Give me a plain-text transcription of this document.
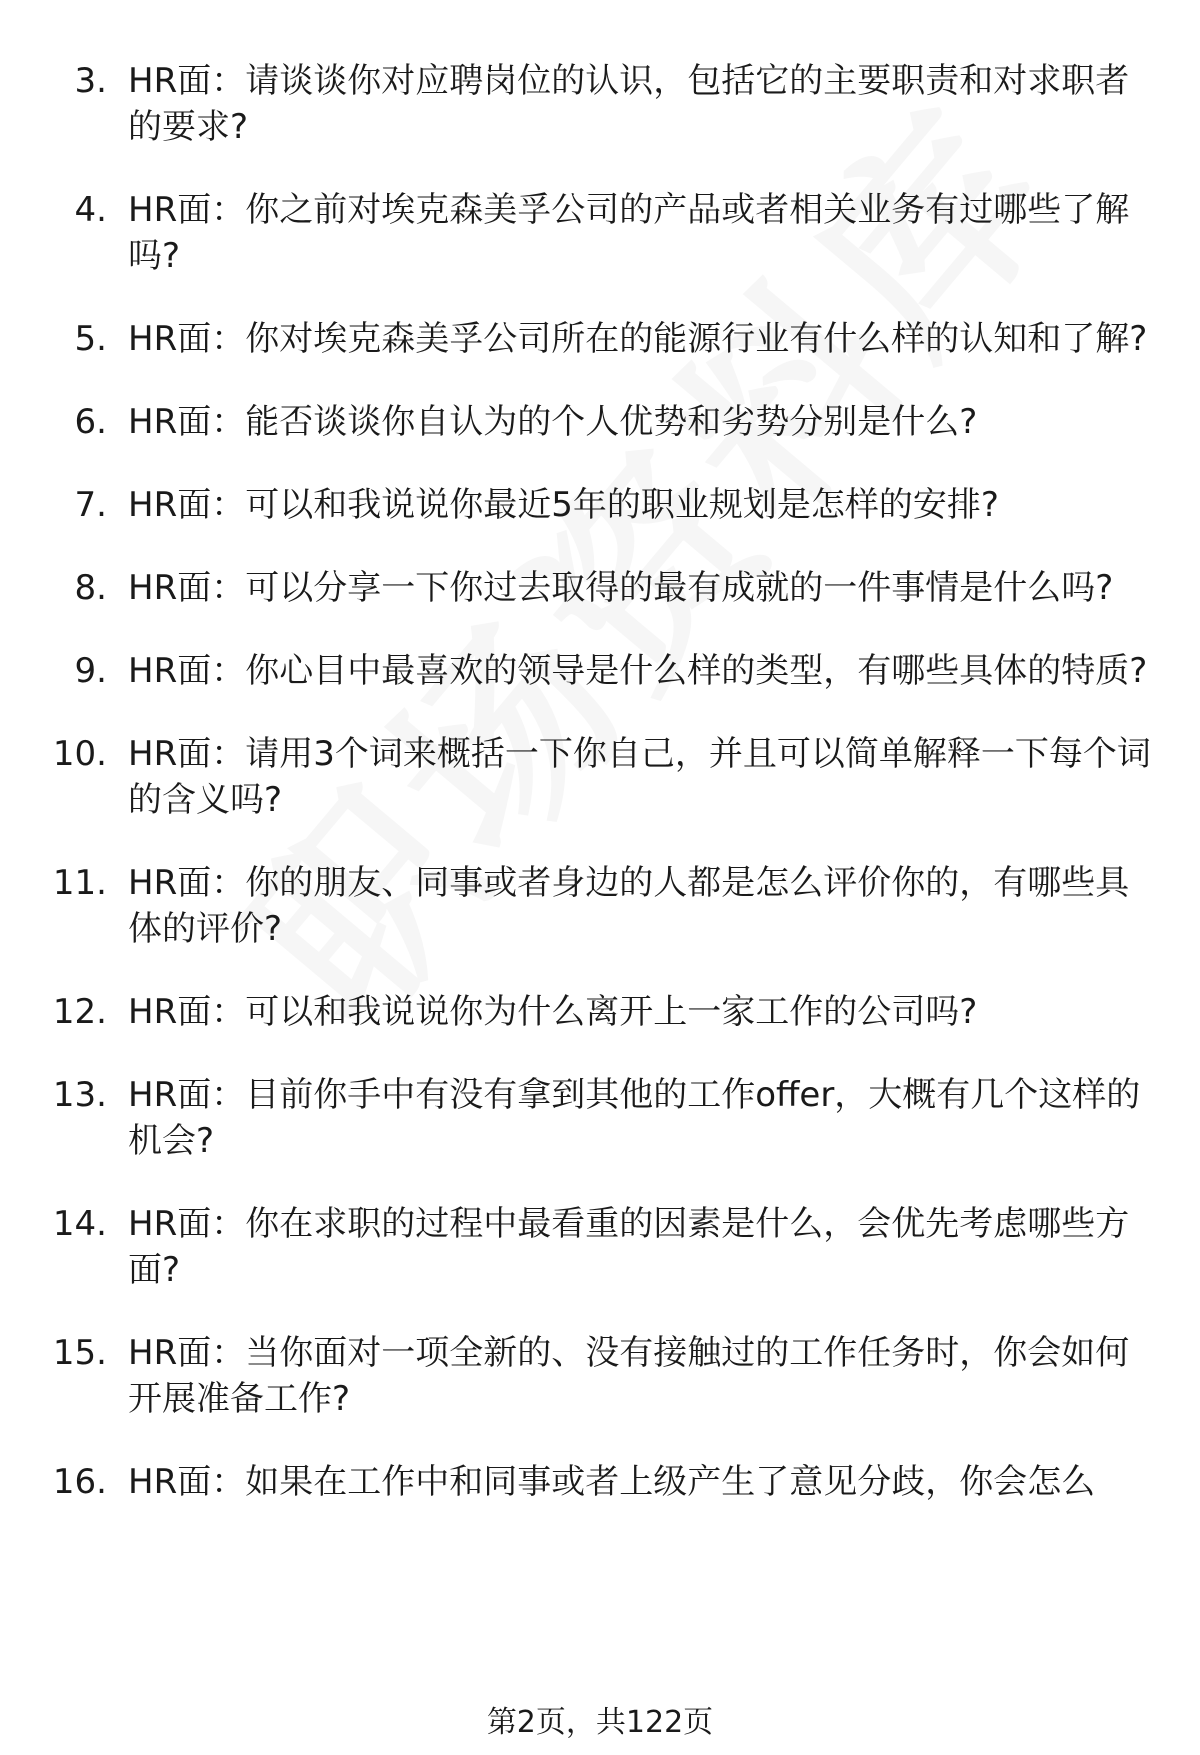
3. HR面：请谈谈你对应聘岗位的认识，包括它的主要职责和对求职者的要求?
4. HR面：你之前对埃克森美孚公司的产品或者相关业务有过哪些了解吗?
5. HR面：你对埃克森美孚公司所在的能源行业有什么样的认知和了解?
6. HR面：能否谈谈你自认为的个人优势和劣势分别是什么?
7. HR面：可以和我说说你最近5年的职业规划是怎样的安排?
8. HR面：可以分享一下你过去取得的最有成就的一件事情是什么吗?
9. HR面：你心目中最喜欢的领导是什么样的类型，有哪些具体的特质?
10. HR面：请用3个词来概括一下你自己，并且可以简单解释一下每个词的含义吗?
11. HR面：你的朋友、同事或者身边的人都是怎么评价你的，有哪些具体的评价?
12. HR面：可以和我说说你为什么离开上一家工作的公司吗?
13. HR面：目前你手中有没有拿到其他的工作offer，大概有几个这样的机会?
14. HR面：你在求职的过程中最看重的因素是什么，会优先考虑哪些方面?
15. HR面：当你面对一项全新的、没有接触过的工作任务时，你会如何开展准备工作?
16. HR面：如果在工作中和同事或者上级产生了意见分歧，你会怎么
第2页，共122页
